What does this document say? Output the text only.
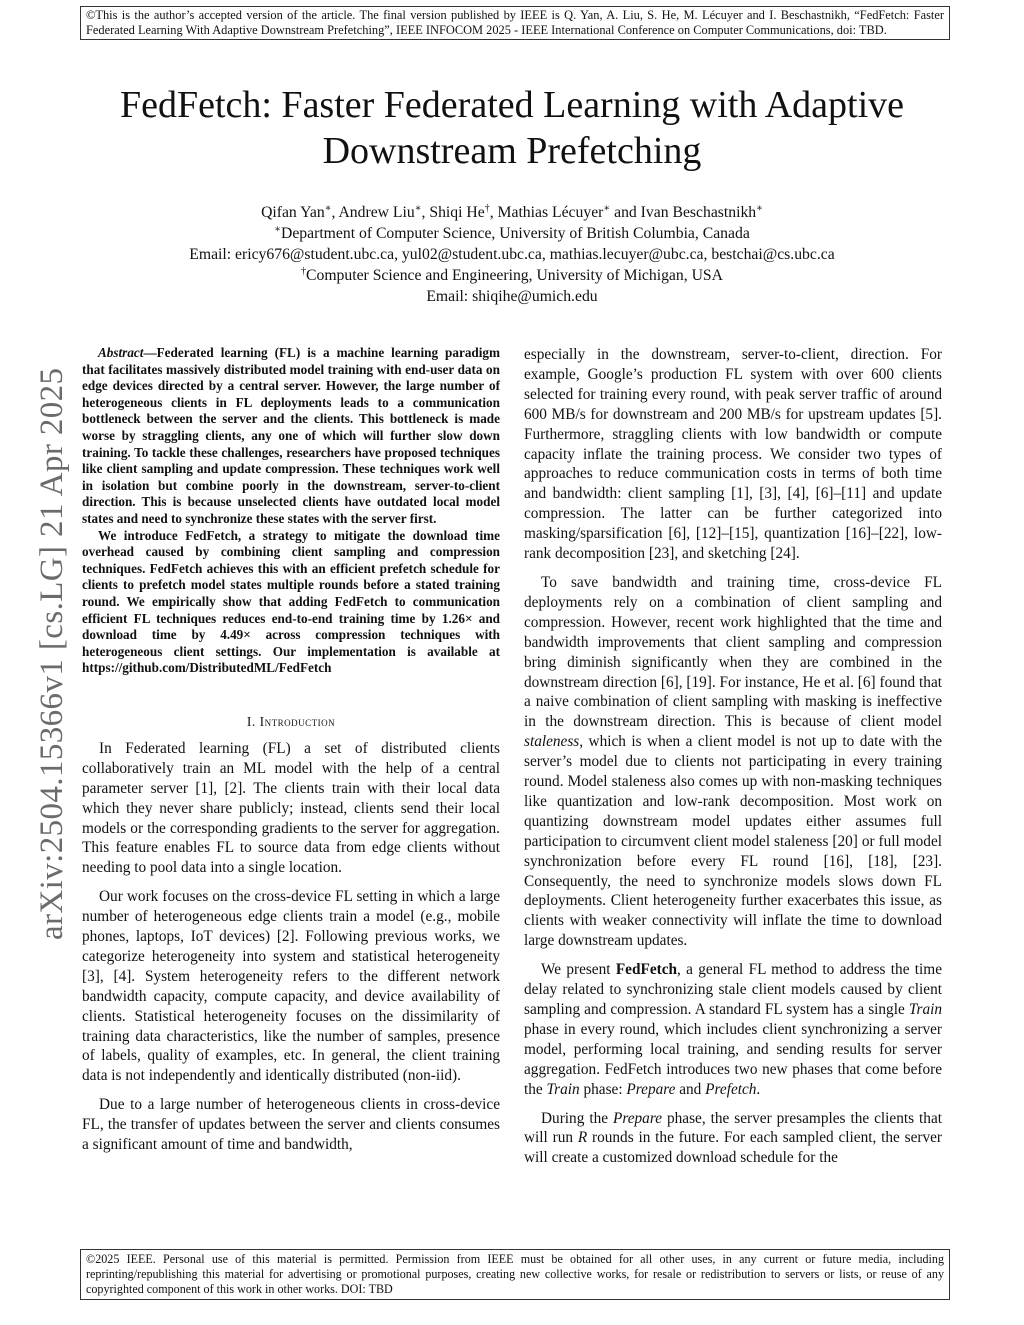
©This is the author’s accepted version of the article. The final version published by IEEE is Q. Yan, A. Liu, S. He, M. Lécuyer and I. Beschastnikh, “FedFetch: Faster Federated Learning With Adaptive Downstream Prefetching”, IEEE INFOCOM 2025 - IEEE International Conference on Computer Communications, doi: TBD.
FedFetch: Faster Federated Learning with Adaptive Downstream Prefetching
Qifan Yan∗, Andrew Liu∗, Shiqi He†, Mathias Lécuyer∗ and Ivan Beschastnikh∗
∗Department of Computer Science, University of British Columbia, Canada
Email: ericy676@student.ubc.ca, yul02@student.ubc.ca, mathias.lecuyer@ubc.ca, bestchai@cs.ubc.ca
†Computer Science and Engineering, University of Michigan, USA
Email: shiqihe@umich.edu
arXiv:2504.15366v1 [cs.LG] 21 Apr 2025

Abstract—Federated learning (FL) is a machine learning paradigm that facilitates massively distributed model training with end-user data on edge devices directed by a central server. However, the large number of heterogeneous clients in FL deployments leads to a communication bottleneck between the server and the clients. This bottleneck is made worse by straggling clients, any one of which will further slow down training. To tackle these challenges, researchers have proposed techniques like client sampling and update compression. These techniques work well in isolation but combine poorly in the downstream, server-to-client direction. This is because unselected clients have outdated local model states and need to synchronize these states with the server first.

We introduce FedFetch, a strategy to mitigate the download time overhead caused by combining client sampling and compression techniques. FedFetch achieves this with an efficient prefetch schedule for clients to prefetch model states multiple rounds before a stated training round. We empirically show that adding FedFetch to communication efficient FL techniques reduces end-to-end training time by 1.26× and download time by 4.49× across compression techniques with heterogeneous client settings. Our implementation is available at https://github.com/DistributedML/FedFetch

I. Introduction

In Federated learning (FL) a set of distributed clients collaboratively train an ML model with the help of a central parameter server [1], [2]. The clients train with their local data which they never share publicly; instead, clients send their local models or the corresponding gradients to the server for aggregation. This feature enables FL to source data from edge clients without needing to pool data into a single location.

Our work focuses on the cross-device FL setting in which a large number of heterogeneous edge clients train a model (e.g., mobile phones, laptops, IoT devices) [2]. Following previous works, we categorize heterogeneity into system and statistical heterogeneity [3], [4]. System heterogeneity refers to the different network bandwidth capacity, compute capacity, and device availability of clients. Statistical heterogeneity focuses on the dissimilarity of training data characteristics, like the number of samples, presence of labels, quality of examples, etc. In general, the client training data is not independently and identically distributed (non-iid).

Due to a large number of heterogeneous clients in cross-device FL, the transfer of updates between the server and clients consumes a significant amount of time and bandwidth,

especially in the downstream, server-to-client, direction. For example, Google’s production FL system with over 600 clients selected for training every round, with peak server traffic of around 600 MB/s for downstream and 200 MB/s for upstream updates [5]. Furthermore, straggling clients with low bandwidth or compute capacity inflate the training process. We consider two types of approaches to reduce communication costs in terms of both time and bandwidth: client sampling [1], [3], [4], [6]–[11] and update compression. The latter can be further categorized into masking/sparsification [6], [12]–[15], quantization [16]–[22], low-rank decomposition [23], and sketching [24].

To save bandwidth and training time, cross-device FL deployments rely on a combination of client sampling and compression. However, recent work highlighted that the time and bandwidth improvements that client sampling and compression bring diminish significantly when they are combined in the downstream direction [6], [19]. For instance, He et al. [6] found that a naive combination of client sampling with masking is ineffective in the downstream direction. This is because of client model staleness, which is when a client model is not up to date with the server’s model due to clients not participating in every training round. Model staleness also comes up with non-masking techniques like quantization and low-rank decomposition. Most work on quantizing downstream model updates either assumes full participation to circumvent client model staleness [20] or full model synchronization before every FL round [16], [18], [23]. Consequently, the need to synchronize models slows down FL deployments. Client heterogeneity further exacerbates this issue, as clients with weaker connectivity will inflate the time to download large downstream updates.

We present FedFetch, a general FL method to address the time delay related to synchronizing stale client models caused by client sampling and compression. A standard FL system has a single Train phase in every round, which includes client synchronizing a server model, performing local training, and sending results for server aggregation. FedFetch introduces two new phases that come before the Train phase: Prepare and Prefetch.

During the Prepare phase, the server presamples the clients that will run R rounds in the future. For each sampled client, the server will create a customized download schedule for the

©2025 IEEE. Personal use of this material is permitted. Permission from IEEE must be obtained for all other uses, in any current or future media, including reprinting/republishing this material for advertising or promotional purposes, creating new collective works, for resale or redistribution to servers or lists, or reuse of any copyrighted component of this work in other works. DOI: TBD
